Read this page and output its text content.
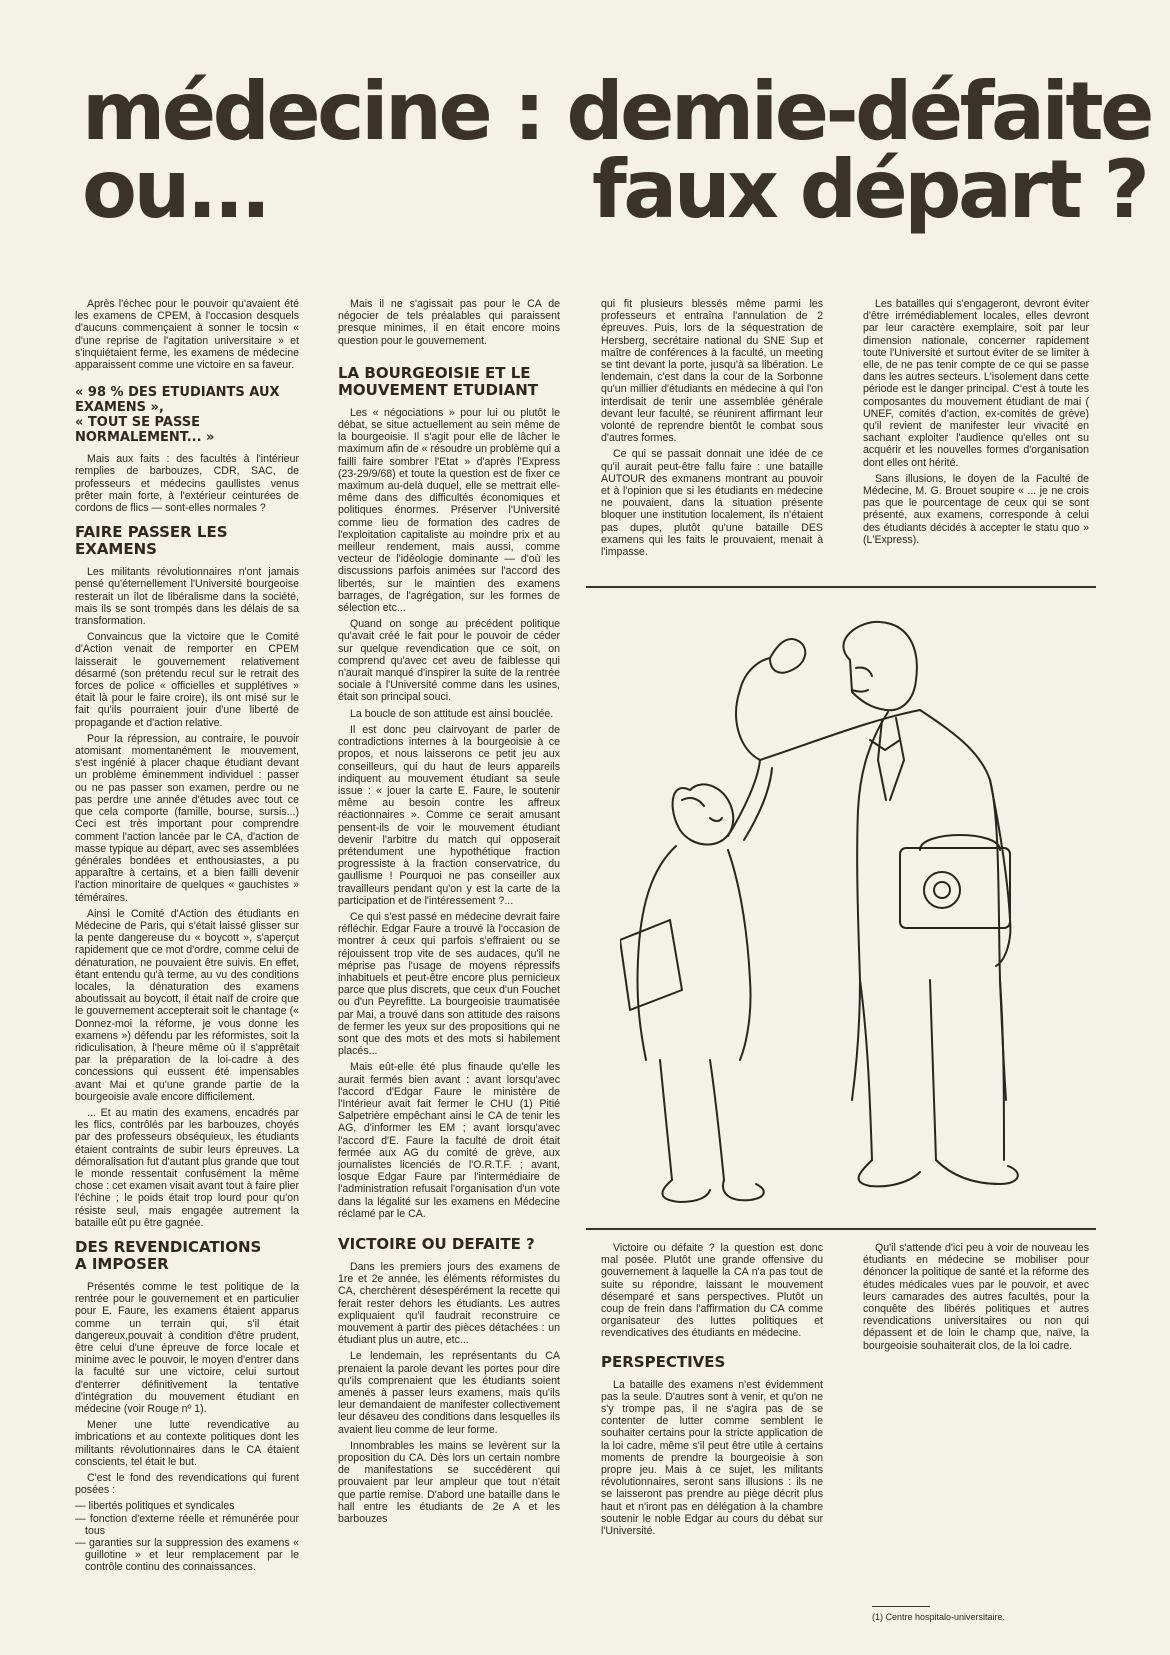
médecine : demie-défaite
ou...	faux départ ?

Après l'échec pour le pouvoir qu'avaient été les examens de CPEM, à l'occasion desquels d'aucuns commençaient à sonner le tocsin « d'une reprise de l'agitation universitaire » et s'inquiétaient ferme, les examens de médecine apparaissent comme une victoire en sa faveur.

« 98 % DES ETUDIANTS AUX EXAMENS »,
« TOUT SE PASSE NORMALEMENT... »

Mais aux faits : des facultés à l'intérieur remplies de barbouzes, CDR, SAC, de professeurs et médecins gaullistes venus prêter main forte, à l'extérieur ceinturées de cordons de flics — sont-elles normales ?

FAIRE PASSER LES
EXAMENS

Les militants révolutionnaires n'ont jamais pensé qu'éternellement l'Université bourgeoise resterait un îlot de libéralisme dans la société, mais ils se sont trompés dans les délais de sa transformation.

Convaincus que la victoire que le Comité d'Action venait de remporter en CPEM laisserait le gouvernement relativement désarmé (son prétendu recul sur le retrait des forces de police « officielles et supplétives » était là pour le faire croire), ils ont misé sur le fait qu'ils pourraient jouir d'une liberté de propagande et d'action relative.

Pour la répression, au contraire, le pouvoir atomisant momentanément le mouvement, s'est ingénié à placer chaque étudiant devant un problème éminemment individuel : passer ou ne pas passer son examen, perdre ou ne pas perdre une année d'études avec tout ce que cela comporte (famille, bourse, sursis...) Ceci est très important pour comprendre comment l'action lancée par le CA, d'action de masse typique au départ, avec ses assemblées générales bondées et enthousiastes, a pu apparaître à certains, et a bien failli devenir l'action minoritaire de quelques « gauchistes » téméraires.

Ainsi le Comité d'Action des étudiants en Médecine de Paris, qui s'était laissé glisser sur la pente dangereuse du « boycott », s'aperçut rapidement que ce mot d'ordre, comme celui de dénaturation, ne pouvaient être suivis. En effet, étant entendu qu'à terme, au vu des conditions locales, la dénaturation des examens aboutissait au boycott, il était naïf de croire que le gouvernement accepterait soit le chantage (« Donnez-moi la réforme, je vous donne les examens ») défendu par les réformistes, soit la ridiculisation, à l'heure même où il s'apprêtait par la préparation de la loi-cadre à des concessions qui eussent été impensables avant Mai et qu'une grande partie de la bourgeoisie avale encore difficilement.

... Et au matin des examens, encadrés par les flics, contrôlés par les barbouzes, choyés par des professeurs obséquieux, les étudiants étaient contraints de subir leurs épreuves. La démoralisation fut d'autant plus grande que tout le monde ressentait confusément la même chose : cet examen visait avant tout à faire plier l'échine ; le poids était trop lourd pour qu'on résiste seul, mais engagée autrement la bataille eût pu être gagnée.

DES REVENDICATIONS
A IMPOSER

Présentés comme le test politique de la rentrée pour le gouvernement et en particulier pour E. Faure, les examens étaient apparus comme un terrain qui, s'il était dangereux,pouvait à condition d'être prudent, être celui d'une épreuve de force locale et minime avec le pouvoir, le moyen d'entrer dans la faculté sur une victoire, celui surtout d'enterrer définitivement la tentative d'intégration du mouvement étudiant en médecine (voir Rouge nº 1).

Mener une lutte revendicative au imbrications et au contexte politiques dont les militants révolutionnaires dans le CA étaient conscients, tel était le but.

C'est le fond des revendications qui furent posées :

— libertés politiques et syndicales

— fonction d'externe réelle et rémunérée pour tous

— garanties sur la suppression des examens « guillotine » et leur remplacement par le contrôle continu des connaissances.

Mais il ne s'agissait pas pour le CA de négocier de tels préalables qui paraissent presque minimes, il en était encore moins question pour le gouvernement.

LA BOURGEOISIE ET LE
MOUVEMENT ETUDIANT

Les « négociations » pour lui ou plutôt le débat, se situe actuellement au sein même de la bourgeoisie. Il s'agit pour elle de lâcher le maximum afin de « résoudre un problème qui a failli faire sombrer l'Etat » d'après l'Express (23-29/9/68) et toute la question est de fixer ce maximum au-delà duquel, elle se mettrait elle-même dans des difficultés économiques et politiques énormes. Préserver l'Université comme lieu de formation des cadres de l'exploitation capitaliste au moindre prix et au meilleur rendement, mais aussi, comme vecteur de l'idéologie dominante — d'où les discussions parfois animées sur l'accord des libertés, sur le maintien des examens barrages, de l'agrégation, sur les formes de sélection etc...

Quand on songe au précédent politique qu'avait créé le fait pour le pouvoir de céder sur quelque revendication que ce soit, on comprend qu'avec cet aveu de faiblesse qui n'aurait manqué d'inspirer la suite de la rentrée sociale à l'Université comme dans les usines, était son principal souci.

La boucle de son attitude est ainsi bouclée.

Il est donc peu clairvoyant de parler de contradictions internes à la bourgeoisie à ce propos, et nous laisserons ce petit jeu aux conseilleurs, qui du haut de leurs appareils indiquent au mouvement étudiant sa seule issue : « jouer la carte E. Faure, le soutenir même au besoin contre les affreux réactionnaires ». Comme ce serait amusant pensent-ils de voir le mouvement étudiant devenir l'arbitre du match qui opposerait prétendument une hypothétique fraction progressiste à la fraction conservatrice, du gaullisme ! Pourquoi ne pas conseiller aux travailleurs pendant qu'on y est la carte de la participation et de l'intéressement ?...

Ce qui s'est passé en médecine devrait faire réfléchir. Edgar Faure a trouvé là l'occasion de montrer à ceux qui parfois s'effraient ou se réjouissent trop vite de ses audaces, qu'il ne méprise pas l'usage de moyens répressifs inhabituels et peut-être encore plus pernicieux parce que plus discrets, que ceux d'un Fouchet ou d'un Peyrefitte. La bourgeoisie traumatisée par Mai, a trouvé dans son attitude des raisons de fermer les yeux sur des propositions qui ne sont que des mots et des mots si habilement placés...

Mais eût-elle été plus finaude qu'elle les aurait fermés bien avant : avant lorsqu'avec l'accord d'Edgar Faure le ministère de l'Intérieur avait fait fermer le CHU (1) Pitié Salpetrière empêchant ainsi le CA de tenir les AG, d'informer les EM ; avant lorsqu'avec l'accord d'E. Faure la faculté de droit était fermée aux AG du comité de grève, aux journalistes licenciés de l'O.R.T.F. ; avant, losque Edgar Faure par l'intermédiaire de l'administration refusait l'organisation d'un vote dans la légalité sur les examens en Médecine réclamé par le CA.

VICTOIRE OU DEFAITE ?

Dans les premiers jours des examens de 1re et 2e année, les éléments réformistes du CA, cherchèrent désespérément la recette qui ferait rester dehors les étudiants. Les autres expliquaient qu'il faudrait reconstruire ce mouvement à partir des pièces détachées : un étudiant plus un autre, etc...

Le lendemain, les représentants du CA prenaient la parole devant les portes pour dire qu'ils comprenaient que les étudiants soient amenés à passer leurs examens, mais qu'ils leur demandaient de manifester collectivement leur désaveu des conditions dans lesquelles ils avaient lieu comme de leur forme.

Innombrables les mains se levèrent sur la proposition du CA. Dès lors un certain nombre de manifestations se succédèrent qui prouvaient par leur ampleur que tout n'était que partie remise. D'abord une bataille dans le hall entre les étudiants de 2e A et les barbouzes

qui fit plusieurs blessés même parmi les professeurs et entraîna l'annulation de 2 épreuves. Puis, lors de la séquestration de Hersberg, secrétaire national du SNE Sup et maître de conférences à la faculté, un meeting se tint devant la porte, jusqu'à sa libération. Le lendemain, c'est dans la cour de la Sorbonne qu'un millier d'étudiants en médecine à qui l'on interdisait de tenir une assemblée générale devant leur faculté, se réunirent affirmant leur volonté de reprendre bientôt le combat sous d'autres formes.

Ce qui se passait donnait une idée de ce qu'il aurait peut-être fallu faire : une bataille AUTOUR des exmanens montrant au pouvoir et à l'opinion que si les étudiants en médecine ne pouvaient, dans la situation présente bloquer une institution localement, ils n'étaient pas dupes, plutôt qu'une bataille DES examens qui les faits le prouvaient, menait à l'impasse.

Les batailles qui s'engageront, devront éviter d'être irrémédiablement locales, elles devront par leur caractère exemplaire, soit par leur dimension nationale, concerner rapidement toute l'Université et surtout éviter de se limiter à elle, de ne pas tenir compte de ce qui se passe dans les autres secteurs. L'isolement dans cette période est le danger principal. C'est à toute les composantes du mouvement étudiant de mai ( UNEF, comités d'action, ex-comités de grève) qu'il revient de manifester leur vivacité en sachant exploiter l'audience qu'elles ont su acquérir et les nouvelles formes d'organisation dont elles ont hérité.

Sans illusions, le doyen de la Faculté de Médecine, M. G. Brouet soupire « ... je ne crois pas que le pourcentage de ceux qui se sont présenté, aux examens, corresponde à celui des étudiants décidés à accepter le statu quo » (L'Express).

Victoire ou défaite ? la question est donc mal posée. Plutôt une grande offensive du gouvernement à laquelle la CA n'a pas tout de suite su répondre, laissant le mouvement désemparé et sans perspectives. Plutôt un coup de frein dans l'affirmation du CA comme organisateur des luttes politiques et revendicatives des étudiants en médecine.

PERSPECTIVES

La bataille des examens n'est évidemment pas la seule. D'autres sont à venir, et qu'on ne s'y trompe pas, il ne s'agira pas de se contenter de lutter comme semblent le souhaiter certains pour la stricte application de la loi cadre, même s'il peut être utile à certains moments de prendre la bourgeoisie à son propre jeu. Mais à ce sujet, les militants révolutionnaires, seront sans illusions : ils ne se laisseront pas prendre au piège décrit plus haut et n'iront pas en délégation à la chambre soutenir le noble Edgar au cours du débat sur l'Université.

Qu'il s'attende d'ici peu à voir de nouveau les étudiants en médecine se mobiliser pour dénoncer la politique de santé et la réforme des études médicales vues par le pouvoir, et avec leurs camarades des autres facultés, pour la conquête des libérés politiques et autres revendications universitaires ou non qui dépassent et de loin le champ que, naïve, la bourgeoisie souhaiterait clos, de la loi cadre.

(1) Centre hospitalo-universitaire.
